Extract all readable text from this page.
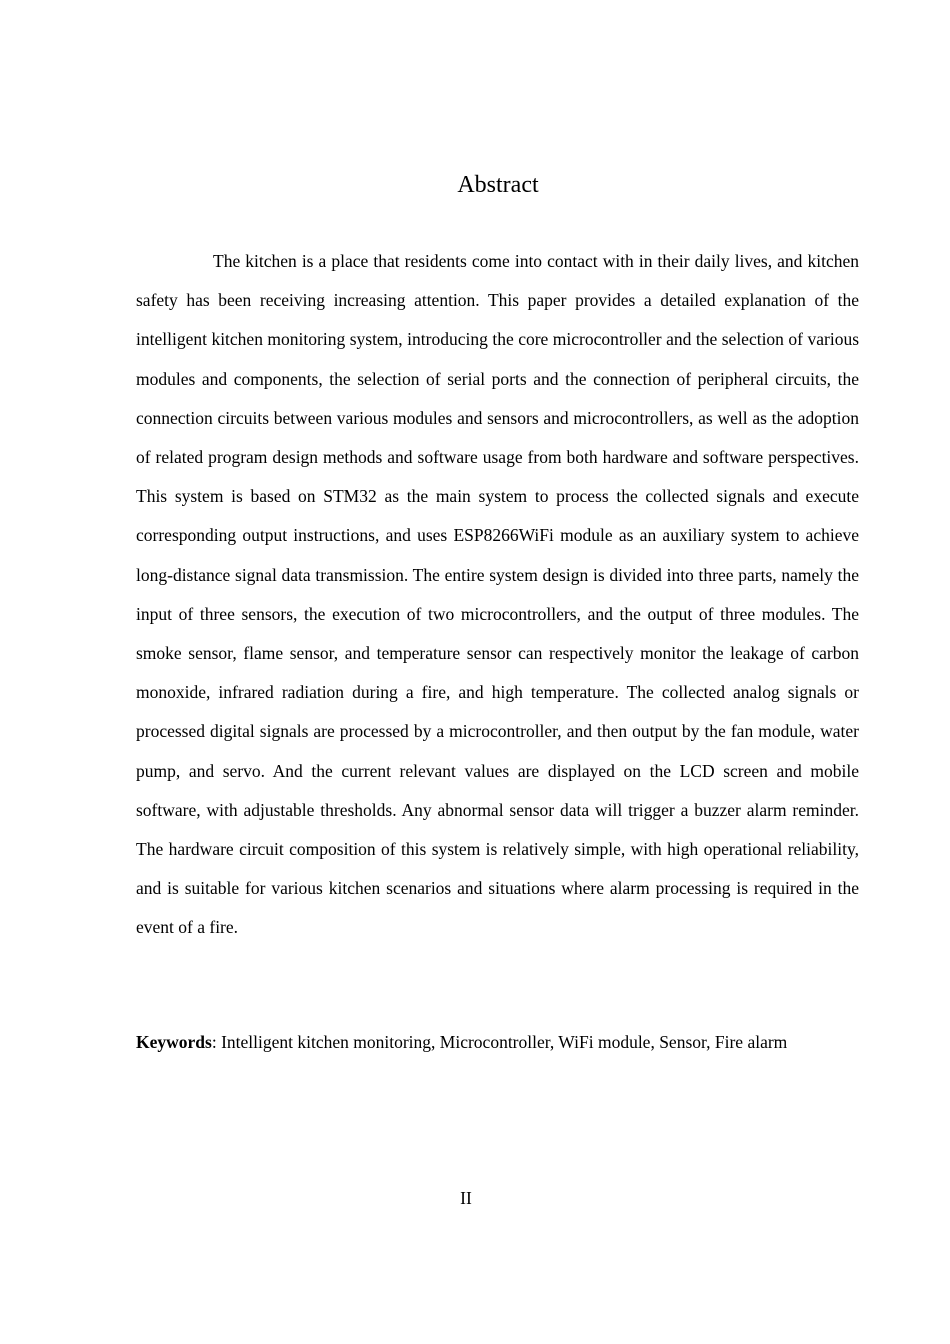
Abstract

The kitchen is a place that residents come into contact with in their daily lives, and kitchen safety has been receiving increasing attention. This paper provides a detailed explanation of the intelligent kitchen monitoring system, introducing the core microcontroller and the selection of various modules and components, the selection of serial ports and the connection of peripheral circuits, the connection circuits between various modules and sensors and microcontrollers, as well as the adoption of related program design methods and software usage from both hardware and software perspectives. This system is based on STM32 as the main system to process the collected signals and execute corresponding output instructions, and uses ESP8266WiFi module as an auxiliary system to achieve long-distance signal data transmission. The entire system design is divided into three parts, namely the input of three sensors, the execution of two microcontrollers, and the output of three modules. The smoke sensor, flame sensor, and temperature sensor can respectively monitor the leakage of carbon monoxide, infrared radiation during a fire, and high temperature. The collected analog signals or processed digital signals are processed by a microcontroller, and then output by the fan module, water pump, and servo. And the current relevant values are displayed on the LCD screen and mobile software, with adjustable thresholds. Any abnormal sensor data will trigger a buzzer alarm reminder. The hardware circuit composition of this system is relatively simple, with high operational reliability, and is suitable for various kitchen scenarios and situations where alarm processing is required in the event of a fire.

Keywords: Intelligent kitchen monitoring, Microcontroller, WiFi module, Sensor, Fire alarm

II
